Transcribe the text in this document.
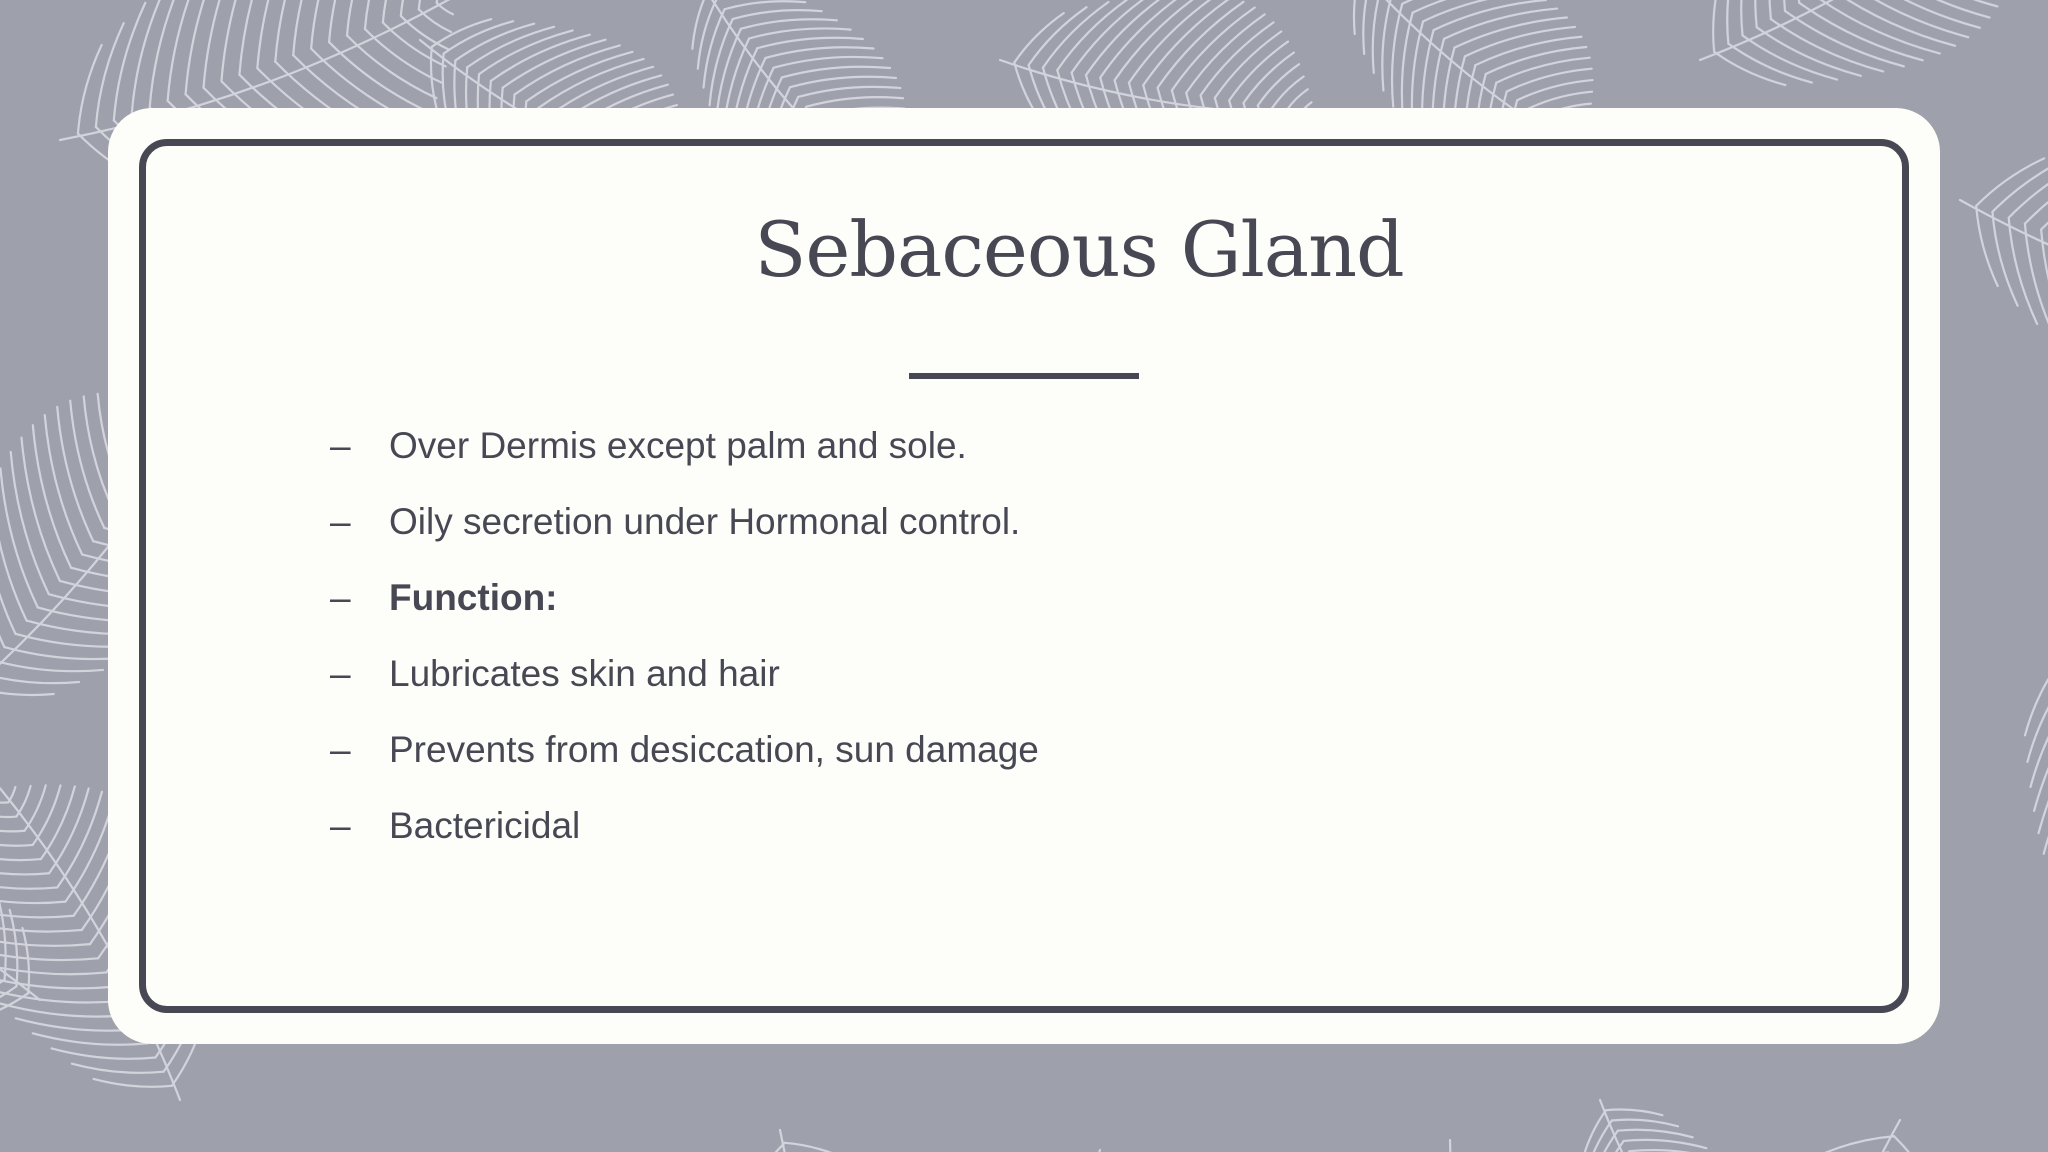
Sebaceous Gland
–	Over Dermis except palm and sole.
–	Oily secretion under Hormonal control.
–	Function:
–	Lubricates skin and hair
–	Prevents from desiccation, sun damage
–	Bactericidal
